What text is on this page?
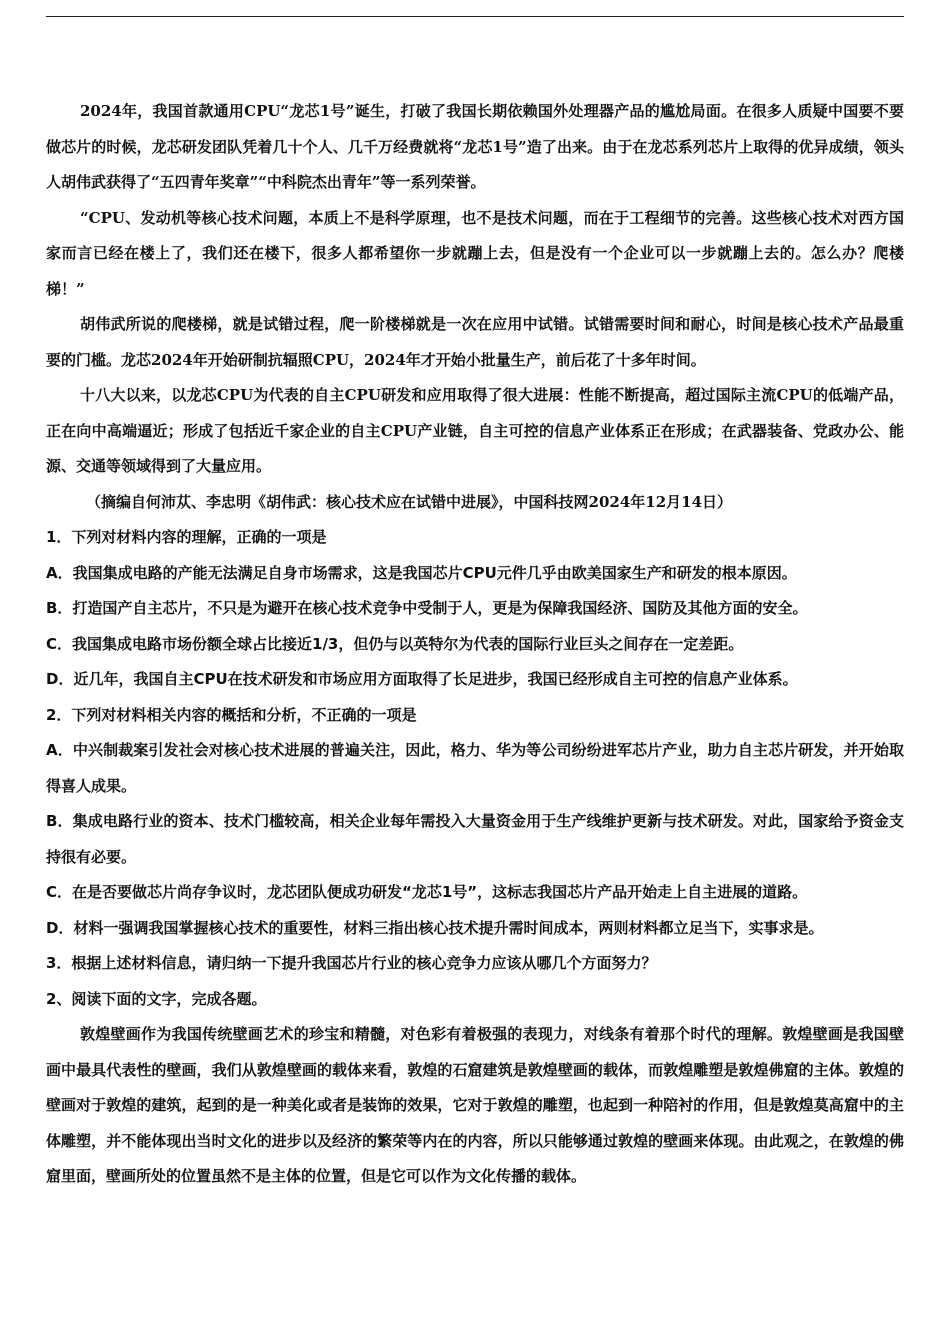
2024年，我国首款通用CPU“龙芯1号”诞生，打破了我国长期依赖国外处理器产品的尴尬局面。在很多人质疑中国要不要做芯片的时候，龙芯研发团队凭着几十个人、几千万经费就将“龙芯1号”造了出来。由于在龙芯系列芯片上取得的优异成绩，领头人胡伟武获得了“五四青年奖章”“中科院杰出青年”等一系列荣誉。

“CPU、发动机等核心技术问题，本质上不是科学原理，也不是技术问题，而在于工程细节的完善。这些核心技术对西方国家而言已经在楼上了，我们还在楼下，很多人都希望你一步就蹦上去，但是没有一个企业可以一步就蹦上去的。怎么办？爬楼梯！”

胡伟武所说的爬楼梯，就是试错过程，爬一阶楼梯就是一次在应用中试错。试错需要时间和耐心，时间是核心技术产品最重要的门槛。龙芯2024年开始研制抗辐照CPU，2024年才开始小批量生产，前后花了十多年时间。

十八大以来，以龙芯CPU为代表的自主CPU研发和应用取得了很大进展：性能不断提高，超过国际主流CPU的低端产品，正在向中高端逼近；形成了包括近千家企业的自主CPU产业链，自主可控的信息产业体系正在形成；在武器装备、党政办公、能源、交通等领域得到了大量应用。

（摘编自何沛苁、李忠明《胡伟武：核心技术应在试错中进展》，中国科技网2024年12月14日）

1．下列对材料内容的理解，正确的一项是

A．我国集成电路的产能无法满足自身市场需求，这是我国芯片CPU元件几乎由欧美国家生产和研发的根本原因。

B．打造国产自主芯片，不只是为避开在核心技术竞争中受制于人，更是为保障我国经济、国防及其他方面的安全。

C．我国集成电路市场份额全球占比接近1/3，但仍与以英特尔为代表的国际行业巨头之间存在一定差距。

D．近几年，我国自主CPU在技术研发和市场应用方面取得了长足进步，我国已经形成自主可控的信息产业体系。

2．下列对材料相关内容的概括和分析，不正确的一项是

A．中兴制裁案引发社会对核心技术进展的普遍关注，因此，格力、华为等公司纷纷进军芯片产业，助力自主芯片研发，并开始取得喜人成果。

B．集成电路行业的资本、技术门槛较高，相关企业每年需投入大量资金用于生产线维护更新与技术研发。对此，国家给予资金支持很有必要。

C．在是否要做芯片尚存争议时，龙芯团队便成功研发“龙芯1号”，这标志我国芯片产品开始走上自主进展的道路。

D．材料一强调我国掌握核心技术的重要性，材料三指出核心技术提升需时间成本，两则材料都立足当下，实事求是。

3．根据上述材料信息，请归纳一下提升我国芯片行业的核心竞争力应该从哪几个方面努力？

2、阅读下面的文字，完成各题。

敦煌壁画作为我国传统壁画艺术的珍宝和精髓，对色彩有着极强的表现力，对线条有着那个时代的理解。敦煌壁画是我国壁画中最具代表性的壁画，我们从敦煌壁画的载体来看，敦煌的石窟建筑是敦煌壁画的载体，而敦煌雕塑是敦煌佛窟的主体。敦煌的壁画对于敦煌的建筑，起到的是一种美化或者是装饰的效果，它对于敦煌的雕塑，也起到一种陪衬的作用，但是敦煌莫高窟中的主体雕塑，并不能体现出当时文化的进步以及经济的繁荣等内在的内容，所以只能够通过敦煌的壁画来体现。由此观之，在敦煌的佛窟里面，壁画所处的位置虽然不是主体的位置，但是它可以作为文化传播的载体。
